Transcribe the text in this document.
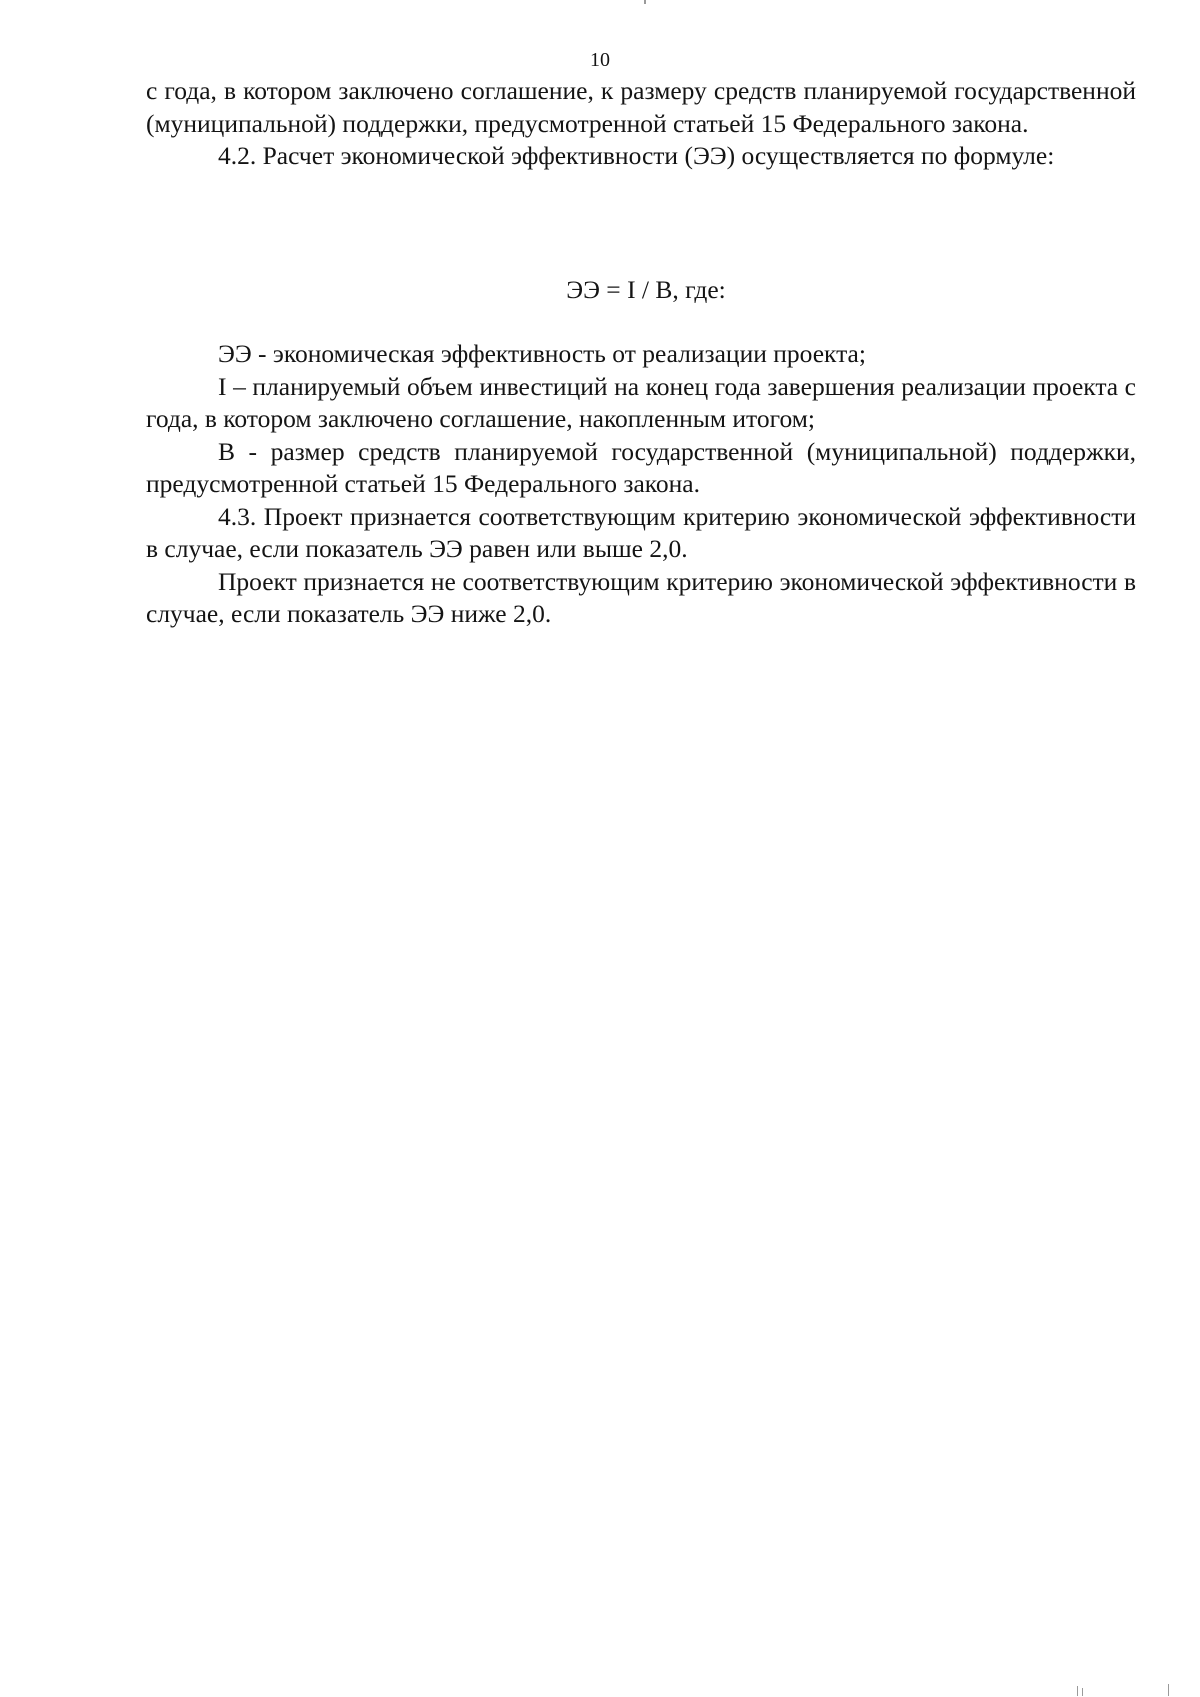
10

с года, в котором заключено соглашение, к размеру средств планируемой государственной (муниципальной) поддержки, предусмотренной статьей 15 Федерального закона.

4.2. Расчет экономической эффективности (ЭЭ) осуществляется по формуле:

ЭЭ = I / B, где:

ЭЭ - экономическая эффективность от реализации проекта;

I – планируемый объем инвестиций на конец года завершения реализации проекта с года, в котором заключено соглашение, накопленным итогом;

B - размер средств планируемой государственной (муниципальной) поддержки, предусмотренной статьей 15 Федерального закона.

4.3. Проект признается соответствующим критерию экономической эффективности в случае, если показатель ЭЭ равен или выше 2,0.

Проект признается не соответствующим критерию экономической эффективности в случае, если показатель ЭЭ ниже 2,0.
